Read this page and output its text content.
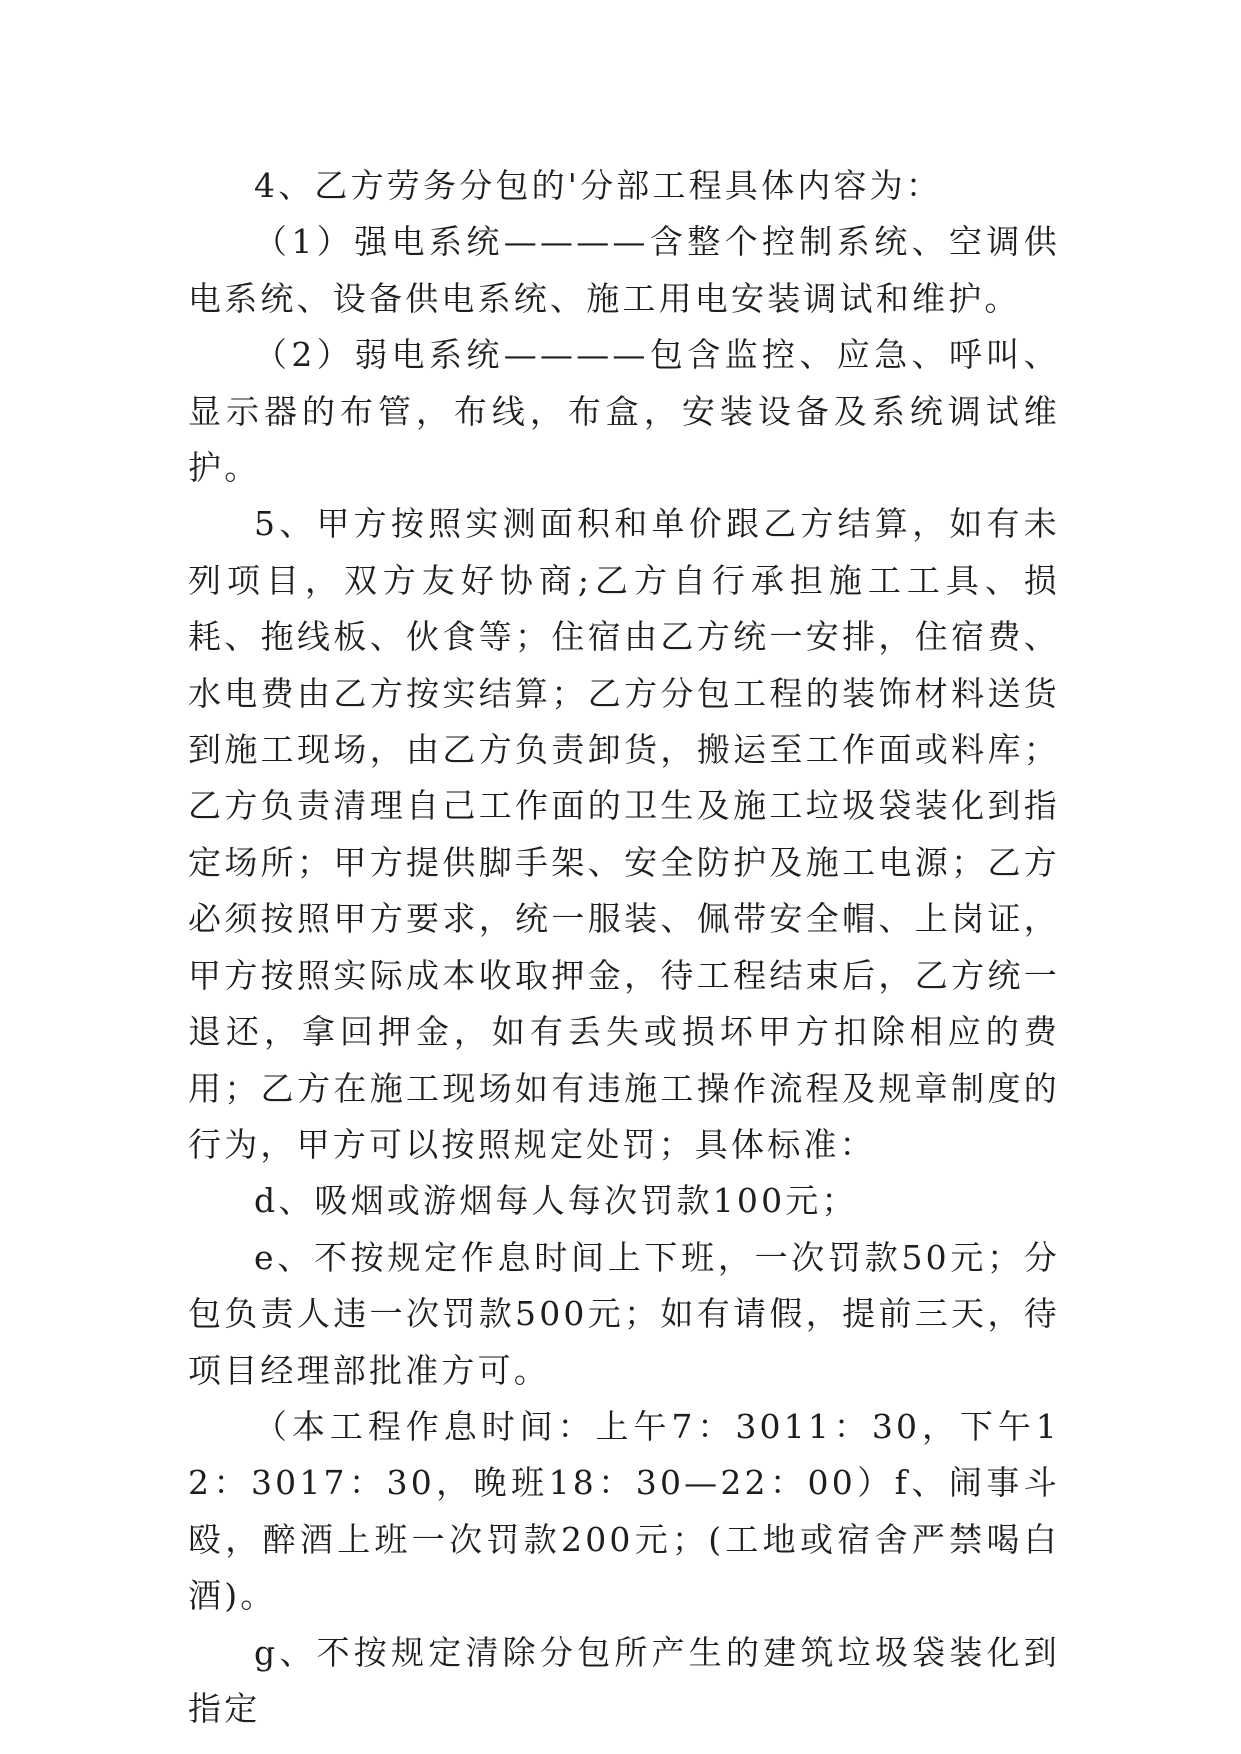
4、乙方劳务分包的'分部工程具体内容为：

（1）强电系统————含整个控制系统、空调供电系统、设备供电系统、施工用电安装调试和维护。

（2）弱电系统————包含监控、应急、呼叫、显示器的布管，布线，布盒，安装设备及系统调试维护。

5、甲方按照实测面积和单价跟乙方结算，如有未列项目，双方友好协商;乙方自行承担施工工具、损耗、拖线板、伙食等；住宿由乙方统一安排，住宿费、水电费由乙方按实结算；乙方分包工程的装饰材料送货到施工现场，由乙方负责卸货，搬运至工作面或料库；乙方负责清理自己工作面的卫生及施工垃圾袋装化到指定场所；甲方提供脚手架、安全防护及施工电源；乙方必须按照甲方要求，统一服装、佩带安全帽、上岗证，甲方按照实际成本收取押金，待工程结束后，乙方统一退还，拿回押金，如有丢失或损坏甲方扣除相应的费用；乙方在施工现场如有违施工操作流程及规章制度的行为，甲方可以按照规定处罚；具体标准：

d、吸烟或游烟每人每次罚款100元；

e、不按规定作息时间上下班，一次罚款50元；分包负责人违一次罚款500元；如有请假，提前三天，待项目经理部批准方可。

（本工程作息时间：上午7：3011：30，下午12：3017：30，晚班18：30—22：00）f、闹事斗殴，醉酒上班一次罚款200元；(工地或宿舍严禁喝白酒)。

g、不按规定清除分包所产生的建筑垃圾袋装化到指定
